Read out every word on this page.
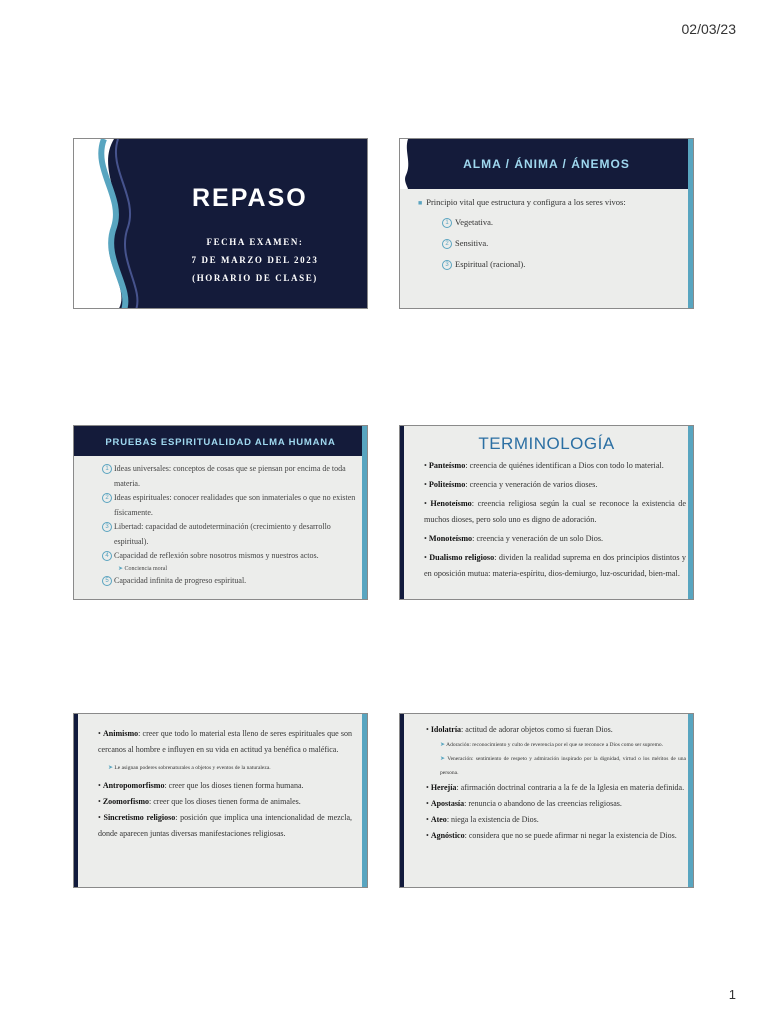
02/03/23
REPASO
FECHA EXAMEN:
7 DE MARZO DEL 2023
(HORARIO DE CLASE)
ALMA / ÁNIMA / ÁNEMOS
■ Principio vital que estructura y configura a los seres vivos:
1 Vegetativa.
2 Sensitiva.
3 Espiritual (racional).
PRUEBAS ESPIRITUALIDAD ALMA HUMANA
1 Ideas universales: conceptos de cosas que se piensan por encima de toda materia.
2 Ideas espirituales: conocer realidades que son inmateriales o que no existen físicamente.
3 Libertad: capacidad de autodeterminación (crecimiento y desarrollo espiritual).
4 Capacidad de reflexión sobre nosotros mismos y nuestros actos.
➤ Conciencia moral
5 Capacidad infinita de progreso espiritual.
TERMINOLOGÍA
• Panteísmo: creencia de quiénes identifican a Dios con todo lo material.
• Politeísmo: creencia y veneración de varios dioses.
• Henoteísmo: creencia religiosa según la cual se reconoce la existencia de muchos dioses, pero solo uno es digno de adoración.
• Monoteísmo: creencia y veneración de un solo Dios.
• Dualismo religioso: dividen la realidad suprema en dos principios distintos y en oposición mutua: materia-espíritu, dios-demiurgo, luz-oscuridad, bien-mal.
• Animismo: creer que todo lo material esta lleno de seres espirituales que son cercanos al hombre e influyen en su vida en actitud ya benéfica o maléfica.
➤ Le asignan poderes sobrenaturales a objetos y eventos de la naturaleza.
• Antropomorfismo: creer que los dioses tienen forma humana.
• Zoomorfismo: creer que los dioses tienen forma de animales.
• Sincretismo religioso: posición que implica una intencionalidad de mezcla, donde aparecen juntas diversas manifestaciones religiosas.
• Idolatría: actitud de adorar objetos como si fueran Dios.
➤ Adoración: reconocimiento y culto de reverencia por el que se reconoce a Dios como ser supremo.
➤ Veneración: sentimiento de respeto y admiración inspirado por la dignidad, virtud o los méritos de una persona.
• Herejía: afirmación doctrinal contraria a la fe de la Iglesia en materia definida.
• Apostasía: renuncia o abandono de las creencias religiosas.
• Ateo: niega la existencia de Dios.
• Agnóstico: considera que no se puede afirmar ni negar la existencia de Dios.
1
